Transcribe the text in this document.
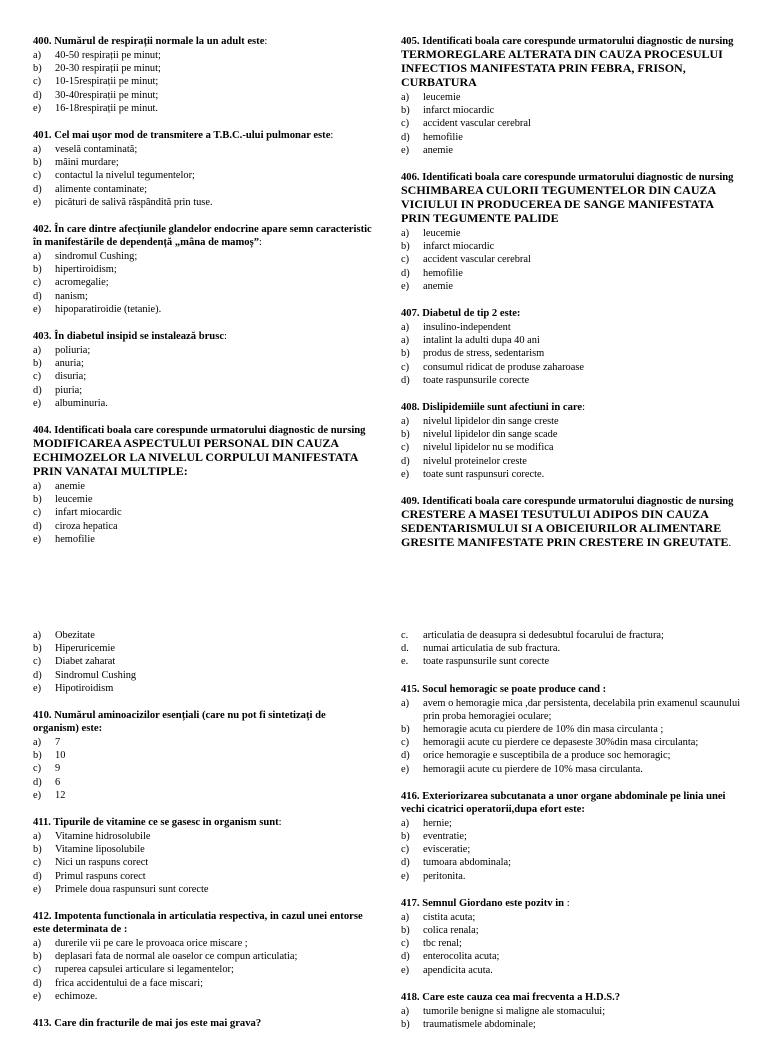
400. Numărul de respirații normale la un adult este:
a)	40-50 respirații pe minut;
b)	20-30 respirații pe minut;
c)	10-15respirații pe minut;
d)	30-40respirații pe minut;
e)	16-18respirații pe minut.
401. Cel mai ușor mod de transmitere a T.B.C.-ului pulmonar este:
a)	veselă contaminată;
b)	mâini murdare;
c)	contactul la nivelul tegumentelor;
d)	alimente contaminate;
e)	picături de salivă răspândită prin tuse.
402. În care dintre afecțiunile glandelor endocrine apare semn caracteristic în manifestările de dependență „mâna de mamoș”:
a)	sindromul Cushing;
b)	hipertiroidism;
c)	acromegalie;
d)	nanism;
e)	hipoparatiroidie (tetanie).
403. În diabetul insipid se instalează brusc:
a)	poliuria;
b)	anuria;
c)	disuria;
d)	piuria;
e)	albuminuria.
404. Identificati boala care corespunde urmatorului diagnostic de nursing MODIFICAREA ASPECTULUI PERSONAL DIN CAUZA ECHIMOZELOR LA NIVELUL CORPULUI MANIFESTATA PRIN VANATAI MULTIPLE:
a)	anemie
b)	leucemie
c)	infart miocardic
d)	ciroza hepatica
e)	hemofilie
405. Identificati boala care corespunde urmatorului diagnostic de nursing TERMOREGLARE ALTERATA DIN CAUZA PROCESULUI INFECTIOS MANIFESTATA PRIN FEBRA, FRISON, CURBATURA
a)	leucemie
b)	infarct miocardic
c)	accident vascular cerebral
d)	hemofilie
e)	anemie
406. Identificati boala care corespunde urmatorului diagnostic de nursing SCHIMBAREA CULORII TEGUMENTELOR DIN CAUZA VICIULUI IN PRODUCEREA DE SANGE MANIFESTATA PRIN TEGUMENTE PALIDE
a)	leucemie
b)	infarct miocardic
c)	accident vascular cerebral
d)	hemofilie
e)	anemie
407. Diabetul de tip 2 este:
a)	insulino-independent
a)	intalint la adulti dupa 40 ani
b)	produs de stress, sedentarism
c)	consumul ridicat de produse zaharoase
d)	toate raspunsurile corecte
408. Dislipidemiile sunt afectiuni in care:
a)	nivelul lipidelor din sange creste
b)	nivelul lipidelor din sange scade
c)	nivelul lipidelor nu se modifica
d)	nivelul proteinelor creste
e)	toate sunt raspunsuri corecte.
409. Identificati boala care corespunde urmatorului diagnostic de nursing CRESTERE A MASEI TESUTULUI ADIPOS DIN CAUZA SEDENTARISMULUI SI A OBICEIURILOR ALIMENTARE GRESITE MANIFESTATE PRIN CRESTERE IN GREUTATE.
a)	Obezitate
b)	Hiperuricemie
c)	Diabet zaharat
d)	Sindromul Cushing
e)	Hipotiroidism
410. Numărul aminoacizilor esențiali (care nu pot fi sintetizați de organism) este:
a)	7
b)	10
c)	9
d)	6
e)	12
411. Tipurile de vitamine ce se gasesc in organism sunt:
a)	Vitamine hidrosolubile
b)	Vitamine liposolubile
c)	Nici un raspuns corect
d)	Primul raspuns corect
e)	Primele doua raspunsuri sunt corecte
412. Impotenta functionala in articulatia respectiva, in cazul unei entorse este determinata de :
a)	durerile vii pe care le provoaca orice miscare ;
b)	deplasari fata de normal ale oaselor ce compun articulatia;
c)	ruperea capsulei articulare si legamentelor;
d)	frica accidentului de a face miscari;
e)	echimoze.
413. Care din fracturile de mai jos este mai grava?
c.	articulatia de deasupra si dedesubtul focarului de fractura;
d.	numai articulatia de sub fractura.
e.	toate raspunsurile sunt corecte
415. Socul hemoragic se poate produce cand :
a)	avem o hemoragie mica ,dar persistenta, decelabila prin examenul scaunului prin proba hemoragiei oculare;
b)	hemoragie acuta cu pierdere de 10% din masa circulanta ;
c)	hemoragii acute cu pierdere ce depaseste 30%din masa circulanta;
d)	orice hemoragie e susceptibila de a produce soc hemoragic;
e)	hemoragii acute cu pierdere de 10% masa circulanta.
416. Exteriorizarea subcutanata a unor organe abdominale pe linia unei vechi cicatrici operatorii,dupa efort este:
a)	hernie;
b)	eventratie;
c)	evisceratie;
d)	tumoara abdominala;
e)	peritonita.
417. Semnul Giordano este pozitv in :
a)	cistita acuta;
b)	colica renala;
c)	tbc renal;
d)	enterocolita acuta;
e)	apendicita acuta.
418. Care este cauza cea mai frecventa a H.D.S.?
a)	tumorile benigne si maligne ale stomacului;
b)	traumatismele abdominale;
